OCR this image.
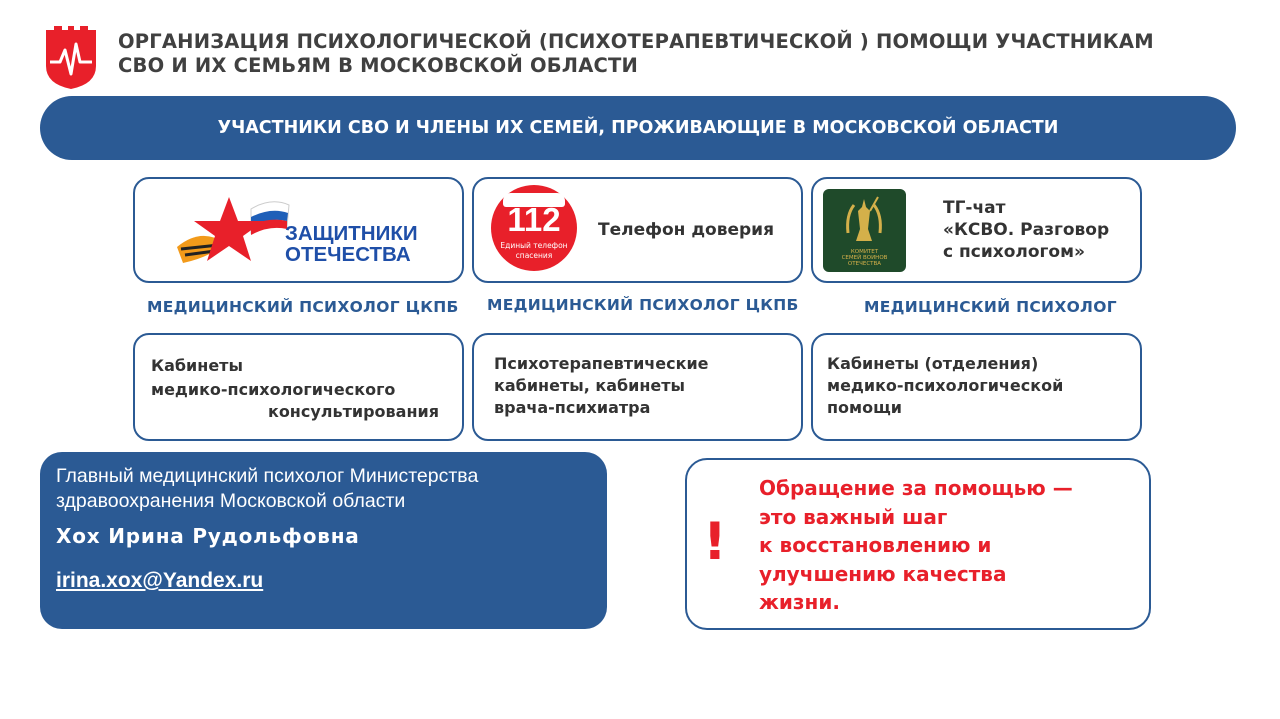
ОРГАНИЗАЦИЯ ПСИХОЛОГИЧЕСКОЙ (ПСИХОТЕРАПЕВТИЧЕСКОЙ ) ПОМОЩИ УЧАСТНИКАМ
СВО И ИХ СЕМЬЯМ В МОСКОВСКОЙ ОБЛАСТИ
УЧАСТНИКИ СВО И ЧЛЕНЫ ИХ СЕМЕЙ, ПРОЖИВАЮЩИЕ В МОСКОВСКОЙ ОБЛАСТИ
ЗАЩИТНИКИ
ОТЕЧЕСТВА
112
Единый телефон
спасения
Телефон доверия
КОМИТЕТ
СЕМЕЙ ВОИНОВ
ОТЕЧЕСТВА
ТГ-чат
«КСВО. Разговор
с психологом»
МЕДИЦИНСКИЙ ПСИХОЛОГ ЦКПБ МЕДИЦИНСКИЙ ПСИХОЛОГ ЦКПБ	МЕДИЦИНСКИЙ ПСИХОЛОГ
Кабинеты
медико-психологического
консультирования
Психотерапевтические
кабинеты, кабинеты
врача-психиатра
Кабинеты (отделения)
медико-психологической
помощи
Главный медицинский психолог Министерства
здравоохранения Московской области
Хох Ирина Рудольфовна
irina.xox@Yandex.ru
!
Обращение за помощью —
это важный шаг
к восстановлению и
улучшению качества
жизни.
